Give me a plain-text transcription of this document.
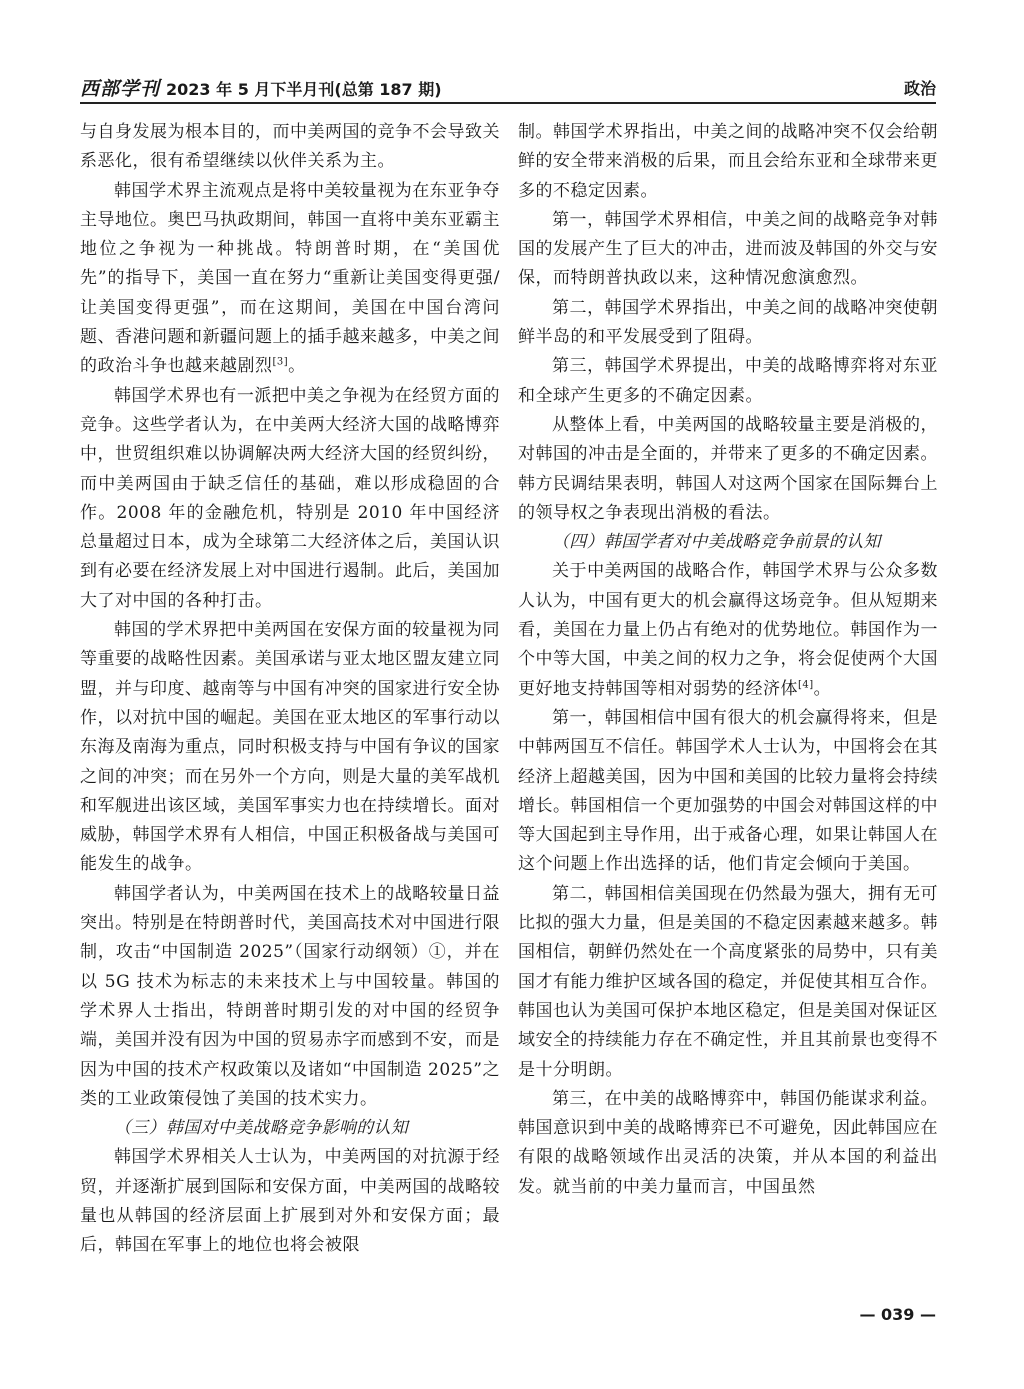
西部学刊 2023 年 5 月下半月刊(总第 187 期)	政治

与自身发展为根本目的，而中美两国的竞争不会导致关系恶化，很有希望继续以伙伴关系为主。

韩国学术界主流观点是将中美较量视为在东亚争夺主导地位。奥巴马执政期间，韩国一直将中美东亚霸主地位之争视为一种挑战。特朗普时期，在“美国优先”的指导下，美国一直在努力“重新让美国变得更强/让美国变得更强”，而在这期间，美国在中国台湾问题、香港问题和新疆问题上的插手越来越多，中美之间的政治斗争也越来越剧烈[3]。

韩国学术界也有一派把中美之争视为在经贸方面的竞争。这些学者认为，在中美两大经济大国的战略博弈中，世贸组织难以协调解决两大经济大国的经贸纠纷，而中美两国由于缺乏信任的基础，难以形成稳固的合作。2008 年的金融危机，特别是 2010 年中国经济总量超过日本，成为全球第二大经济体之后，美国认识到有必要在经济发展上对中国进行遏制。此后，美国加大了对中国的各种打击。

韩国的学术界把中美两国在安保方面的较量视为同等重要的战略性因素。美国承诺与亚太地区盟友建立同盟，并与印度、越南等与中国有冲突的国家进行安全协作，以对抗中国的崛起。美国在亚太地区的军事行动以东海及南海为重点，同时积极支持与中国有争议的国家之间的冲突；而在另外一个方向，则是大量的美军战机和军舰进出该区域，美国军事实力也在持续增长。面对威胁，韩国学术界有人相信，中国正积极备战与美国可能发生的战争。

韩国学者认为，中美两国在技术上的战略较量日益突出。特别是在特朗普时代，美国高技术对中国进行限制，攻击“中国制造 2025”（国家行动纲领）①，并在以 5G 技术为标志的未来技术上与中国较量。韩国的学术界人士指出，特朗普时期引发的对中国的经贸争端，美国并没有因为中国的贸易赤字而感到不安，而是因为中国的技术产权政策以及诸如“中国制造 2025”之类的工业政策侵蚀了美国的技术实力。

（三）韩国对中美战略竞争影响的认知

韩国学术界相关人士认为，中美两国的对抗源于经贸，并逐渐扩展到国际和安保方面，中美两国的战略较量也从韩国的经济层面上扩展到对外和安保方面；最后，韩国在军事上的地位也将会被限

制。韩国学术界指出，中美之间的战略冲突不仅会给朝鲜的安全带来消极的后果，而且会给东亚和全球带来更多的不稳定因素。

第一，韩国学术界相信，中美之间的战略竞争对韩国的发展产生了巨大的冲击，进而波及韩国的外交与安保，而特朗普执政以来，这种情况愈演愈烈。

第二，韩国学术界指出，中美之间的战略冲突使朝鲜半岛的和平发展受到了阻碍。

第三，韩国学术界提出，中美的战略博弈将对东亚和全球产生更多的不确定因素。

从整体上看，中美两国的战略较量主要是消极的，对韩国的冲击是全面的，并带来了更多的不确定因素。韩方民调结果表明，韩国人对这两个国家在国际舞台上的领导权之争表现出消极的看法。

（四）韩国学者对中美战略竞争前景的认知

关于中美两国的战略合作，韩国学术界与公众多数人认为，中国有更大的机会赢得这场竞争。但从短期来看，美国在力量上仍占有绝对的优势地位。韩国作为一个中等大国，中美之间的权力之争，将会促使两个大国更好地支持韩国等相对弱势的经济体[4]。

第一，韩国相信中国有很大的机会赢得将来，但是中韩两国互不信任。韩国学术人士认为，中国将会在其经济上超越美国，因为中国和美国的比较力量将会持续增长。韩国相信一个更加强势的中国会对韩国这样的中等大国起到主导作用，出于戒备心理，如果让韩国人在这个问题上作出选择的话，他们肯定会倾向于美国。

第二，韩国相信美国现在仍然最为强大，拥有无可比拟的强大力量，但是美国的不稳定因素越来越多。韩国相信，朝鲜仍然处在一个高度紧张的局势中，只有美国才有能力维护区域各国的稳定，并促使其相互合作。韩国也认为美国可保护本地区稳定，但是美国对保证区域安全的持续能力存在不确定性，并且其前景也变得不是十分明朗。

第三，在中美的战略博弈中，韩国仍能谋求利益。韩国意识到中美的战略博弈已不可避免，因此韩国应在有限的战略领域作出灵活的决策，并从本国的利益出发。就当前的中美力量而言，中国虽然

— 039 —
